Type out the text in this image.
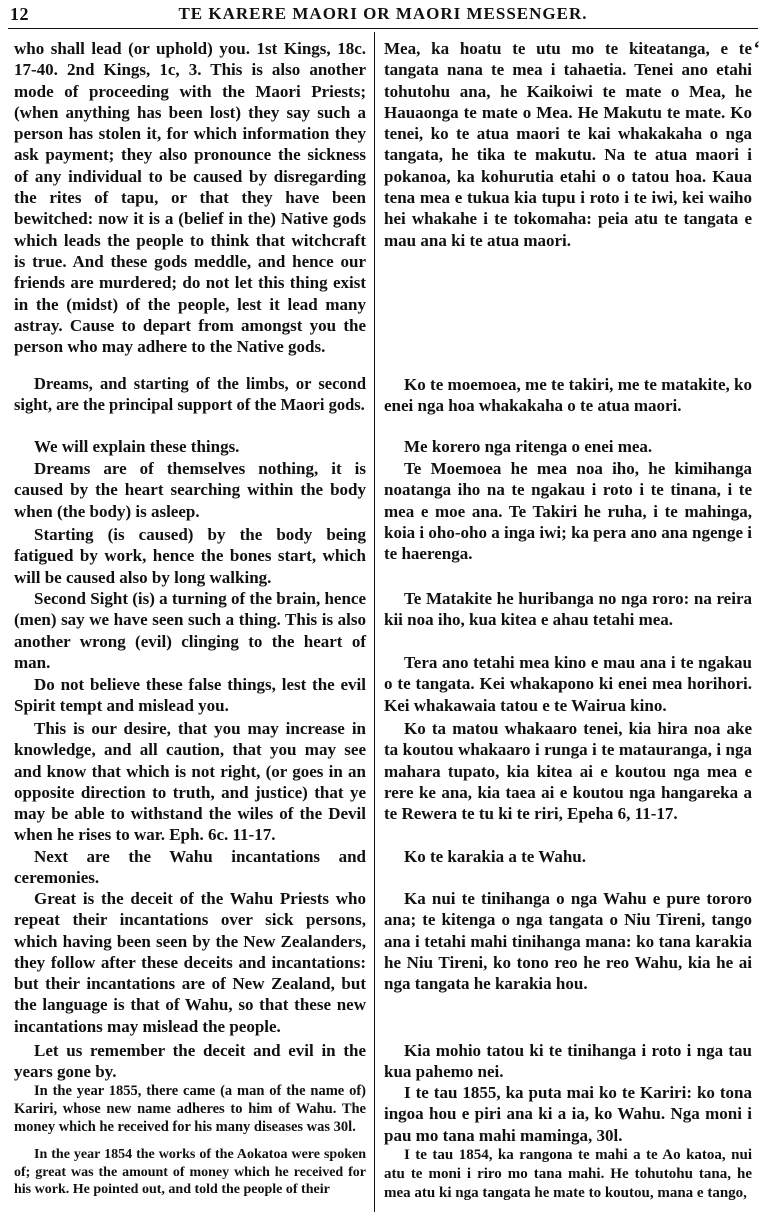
12	TE KARERE MAORI OR MAORI MESSENGER.
‘

who shall lead (or uphold) you. 1st Kings, 18c. 17-40. 2nd Kings, 1c, 3. This is also another mode of proceeding with the Maori Priests; (when anything has been lost) they say such a person has stolen it, for which information they ask payment; they also pronounce the sickness of any individual to be caused by disregarding the rites of tapu, or that they have been bewitched: now it is a (belief in the) Native gods which leads the people to think that witchcraft is true. And these gods meddle, and hence our friends are murdered; do not let this thing exist in the (midst) of the people, lest it lead many astray. Cause to depart from amongst you the person who may adhere to the Native gods.

Dreams, and starting of the limbs, or second sight, are the principal support of the Maori gods.

We will explain these things.

Dreams are of themselves nothing, it is caused by the heart searching within the body when (the body) is asleep.

Starting (is caused) by the body being fatigued by work, hence the bones start, which will be caused also by long walking.

Second Sight (is) a turning of the brain, hence (men) say we have seen such a thing. This is also another wrong (evil) clinging to the heart of man.

Do not believe these false things, lest the evil Spirit tempt and mislead you.

This is our desire, that you may increase in knowledge, and all caution, that you may see and know that which is not right, (or goes in an opposite direction to truth, and justice) that ye may be able to withstand the wiles of the Devil when he rises to war. Eph. 6c. 11-17.

Next are the Wahu incantations and ceremonies.

Great is the deceit of the Wahu Priests who repeat their incantations over sick persons, which having been seen by the New Zealanders, they follow after these deceits and incantations: but their incantations are of New Zealand, but the language is that of Wahu, so that these new incantations may mislead the people.

Let us remember the deceit and evil in the years gone by.

In the year 1855, there came (a man of the name of) Kariri, whose new name adheres to him of Wahu. The money which he received for his many diseases was 30l.

In the year 1854 the works of the Aokatoa were spoken of; great was the amount of money which he received for his work. He pointed out, and told the people of their

Mea, ka hoatu te utu mo te kiteatanga, e te tangata nana te mea i tahaetia. Tenei ano etahi tohutohu ana, he Kaikoiwi te mate o Mea, he Hauaonga te mate o Mea. He Makutu te mate. Ko tenei, ko te atua maori te kai whakakaha o nga tangata, he tika te makutu. Na te atua maori i pokanoa, ka kohurutia etahi o o tatou hoa. Kaua tena mea e tukua kia tupu i roto i te iwi, kei waiho hei whakahe i te tokomaha: peia atu te tangata e mau ana ki te atua maori.

Ko te moemoea, me te takiri, me te matakite, ko enei nga hoa whakakaha o te atua maori.

Me korero nga ritenga o enei mea.

Te Moemoea he mea noa iho, he kimihanga noatanga iho na te ngakau i roto i te tinana, i te mea e moe ana. Te Takiri he ruha, i te mahinga, koia i oho-oho a inga iwi; ka pera ano ana ngenge i te haerenga.

Te Matakite he huribanga no nga roro: na reira kii noa iho, kua kitea e ahau tetahi mea.

Tera ano tetahi mea kino e mau ana i te ngakau o te tangata. Kei whakapono ki enei mea horihori. Kei whakawaia tatou e te Wairua kino.

Ko ta matou whakaaro tenei, kia hira noa ake ta koutou whakaaro i runga i te matauranga, i nga mahara tupato, kia kitea ai e koutou nga mea e rere ke ana, kia taea ai e koutou nga hangareka a te Rewera te tu ki te riri, Epeha 6, 11-17.

Ko te karakia a te Wahu.

Ka nui te tinihanga o nga Wahu e pure tororo ana; te kitenga o nga tangata o Niu Tireni, tango ana i tetahi mahi tinihanga mana: ko tana karakia he Niu Tireni, ko tono reo he reo Wahu, kia he ai nga tangata he karakia hou.

Kia mohio tatou ki te tinihanga i roto i nga tau kua pahemo nei.

I te tau 1855, ka puta mai ko te Kariri: ko tona ingoa hou e piri ana ki a ia, ko Wahu. Nga moni i pau mo tana mahi maminga, 30l.

I te tau 1854, ka rangona te mahi a te Ao katoa, nui atu te moni i riro mo tana mahi. He tohutohu tana, he mea atu ki nga tangata he mate to koutou, mana e tango,
